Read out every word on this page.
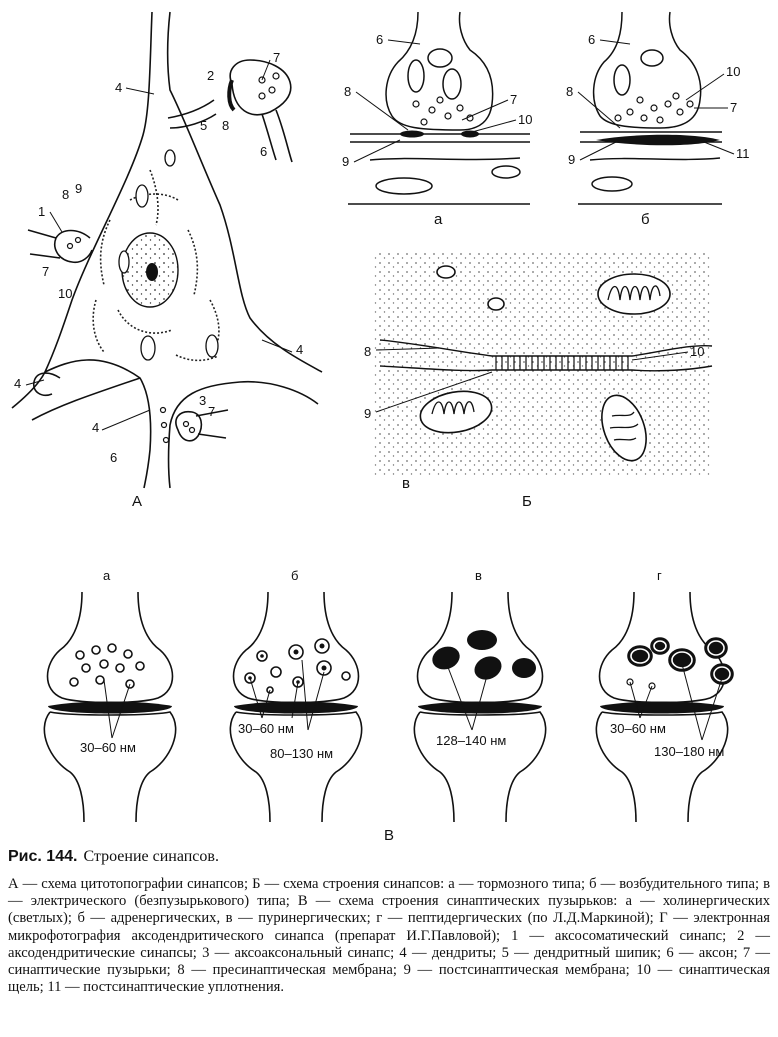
1
2
3
4
4
4
4
5
6
6
7
7
7
8
8 9
10
А
6
8
7
10
9
а
6
8
10
7
9	11
б
8	10
9
в
Б
а
30–60 нм
б
30–60 нм
80–130 нм
в
128–140 нм
г
30–60 нм
130–180 нм
В

Рис. 144. Строение синапсов.

А — схема цитотопографии синапсов; Б — схема строения синапсов: а — тормозного типа; б — возбудительного типа; в — электрического (безпузырькового) типа; В — схема строения синаптических пузырьков: а — холинергических (светлых); б — адренергических, в — пуринергических; г — пептидергических (по Л.Д.Маркиной); Г — электронная микрофотография аксодендритического синапса (препарат И.Г.Павловой); 1 — аксосоматический синапс; 2 — аксодендритические синапсы; 3 — аксоаксональный синапс; 4 — дендриты; 5 — дендритный шипик; 6 — аксон; 7 — синаптические пузырьки; 8 — пресинаптическая мембрана; 9 — постсинаптическая мембрана; 10 — синаптическая щель; 11 — постсинаптические уплотнения.
